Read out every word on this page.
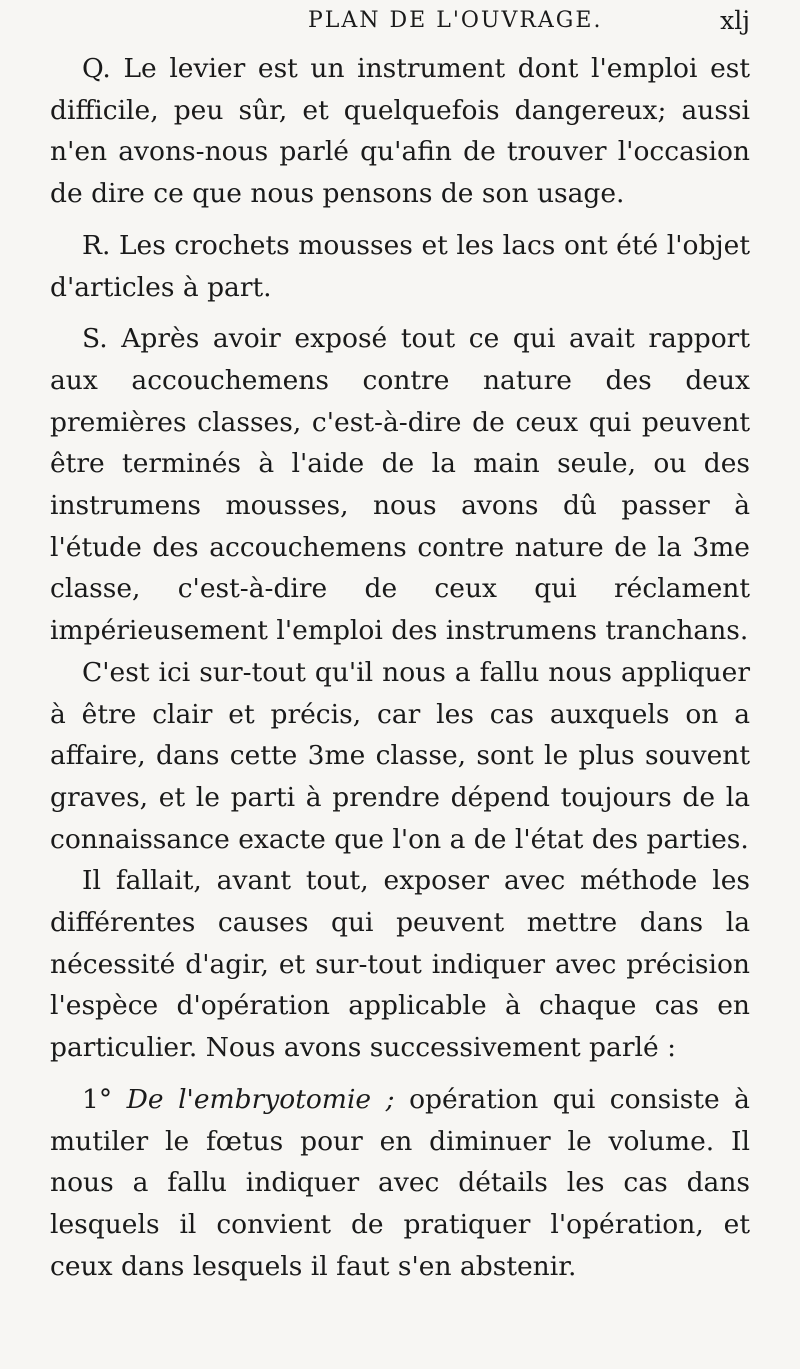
PLAN DE L'OUVRAGE.	xlj

Q. Le levier est un instrument dont l'emploi est difficile, peu sûr, et quelquefois dangereux; aussi n'en avons-nous parlé qu'afin de trouver l'occasion de dire ce que nous pensons de son usage.

R. Les crochets mousses et les lacs ont été l'objet d'articles à part.

S. Après avoir exposé tout ce qui avait rapport aux accouchemens contre nature des deux premières classes, c'est-à-dire de ceux qui peuvent être terminés à l'aide de la main seule, ou des instrumens mousses, nous avons dû passer à l'étude des accouchemens contre nature de la 3me classe, c'est-à-dire de ceux qui réclament impérieusement l'emploi des instrumens tranchans.

C'est ici sur-tout qu'il nous a fallu nous appliquer à être clair et précis, car les cas auxquels on a affaire, dans cette 3me classe, sont le plus souvent graves, et le parti à prendre dépend toujours de la connaissance exacte que l'on a de l'état des parties.

Il fallait, avant tout, exposer avec méthode les différentes causes qui peuvent mettre dans la nécessité d'agir, et sur-tout indiquer avec précision l'espèce d'opération applicable à chaque cas en particulier. Nous avons successivement parlé :

1° De l'embryotomie ; opération qui consiste à mutiler le fœtus pour en diminuer le volume. Il nous a fallu indiquer avec détails les cas dans lesquels il convient de pratiquer l'opération, et ceux dans lesquels il faut s'en abstenir.
